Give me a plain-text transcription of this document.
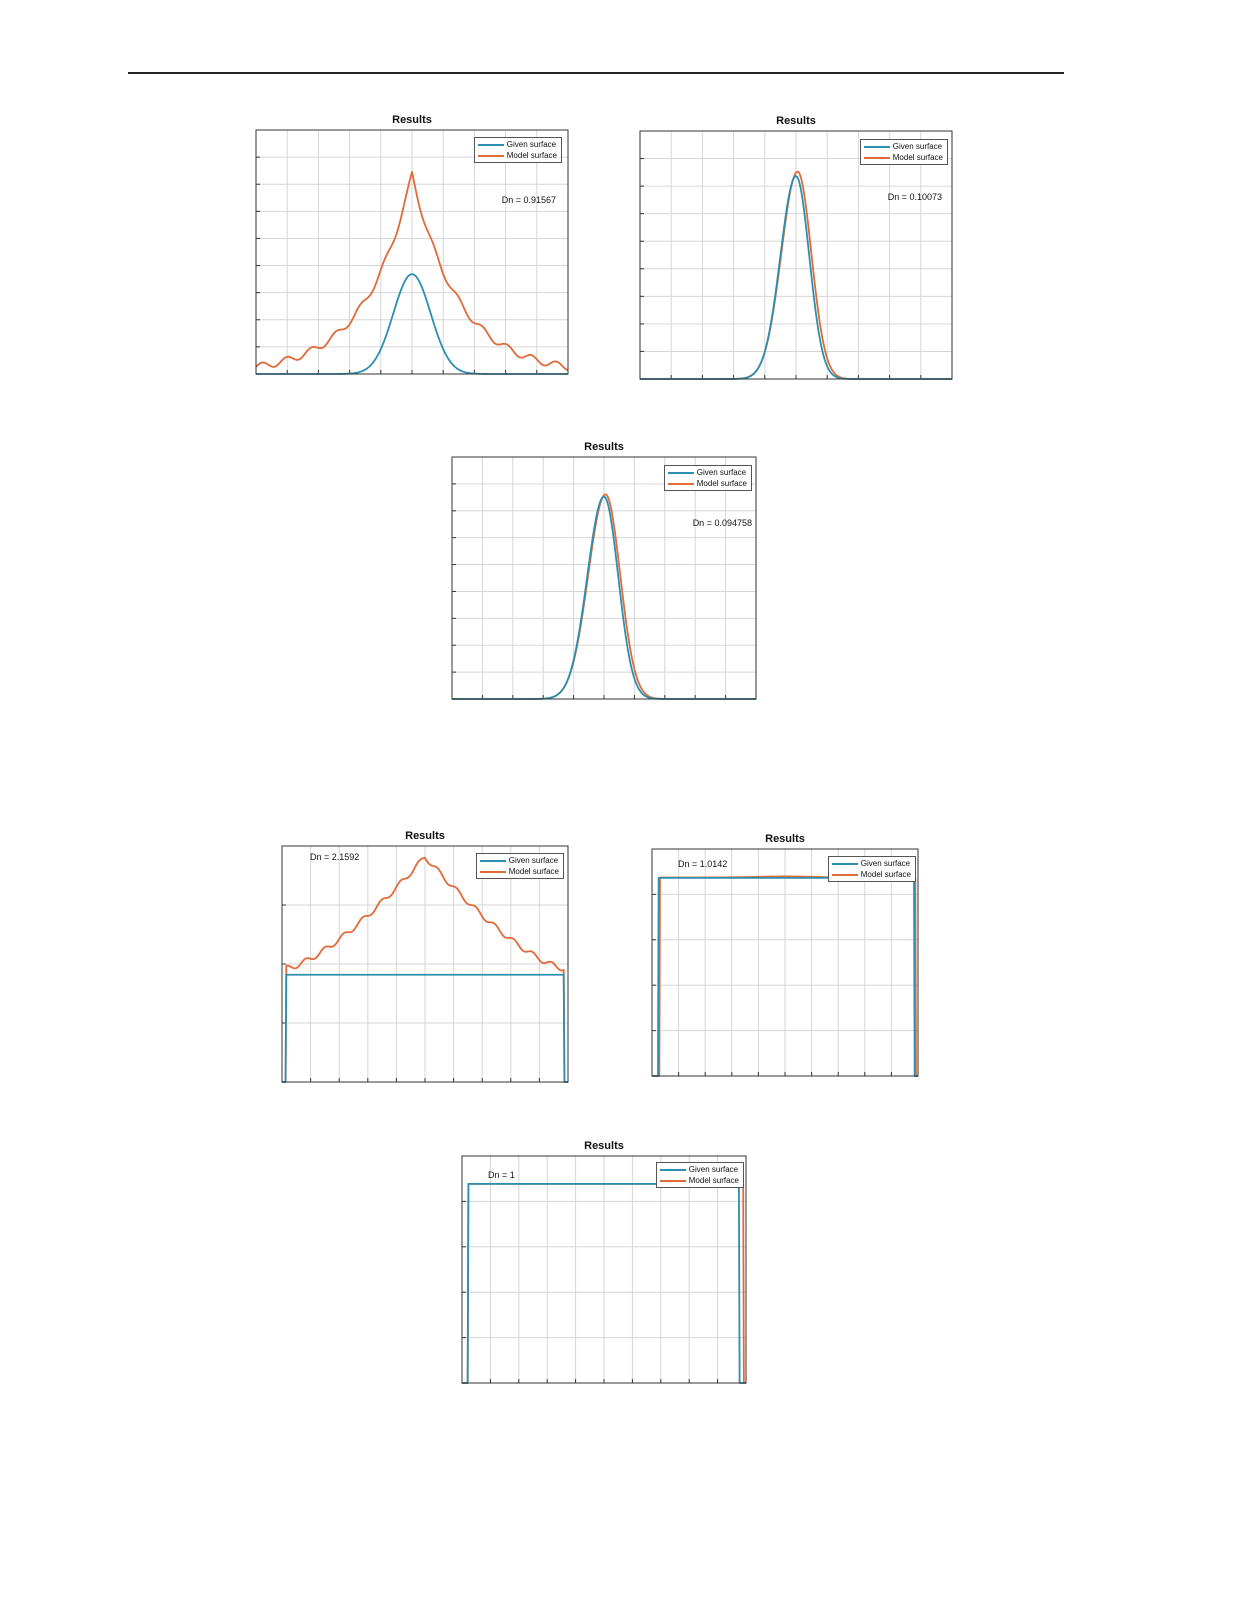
Results
Given surface
Model surface
Dn = 0.91567
Results
Given surface
Model surface
Dn = 0.10073
Results
Given surface
Model surface
Dn = 0.094758
Results
Given surface
Model surface
Dn = 2.1592
Results
Given surface
Model surface
Dn = 1.0142
Results
Given surface
Model surface
Dn = 1
